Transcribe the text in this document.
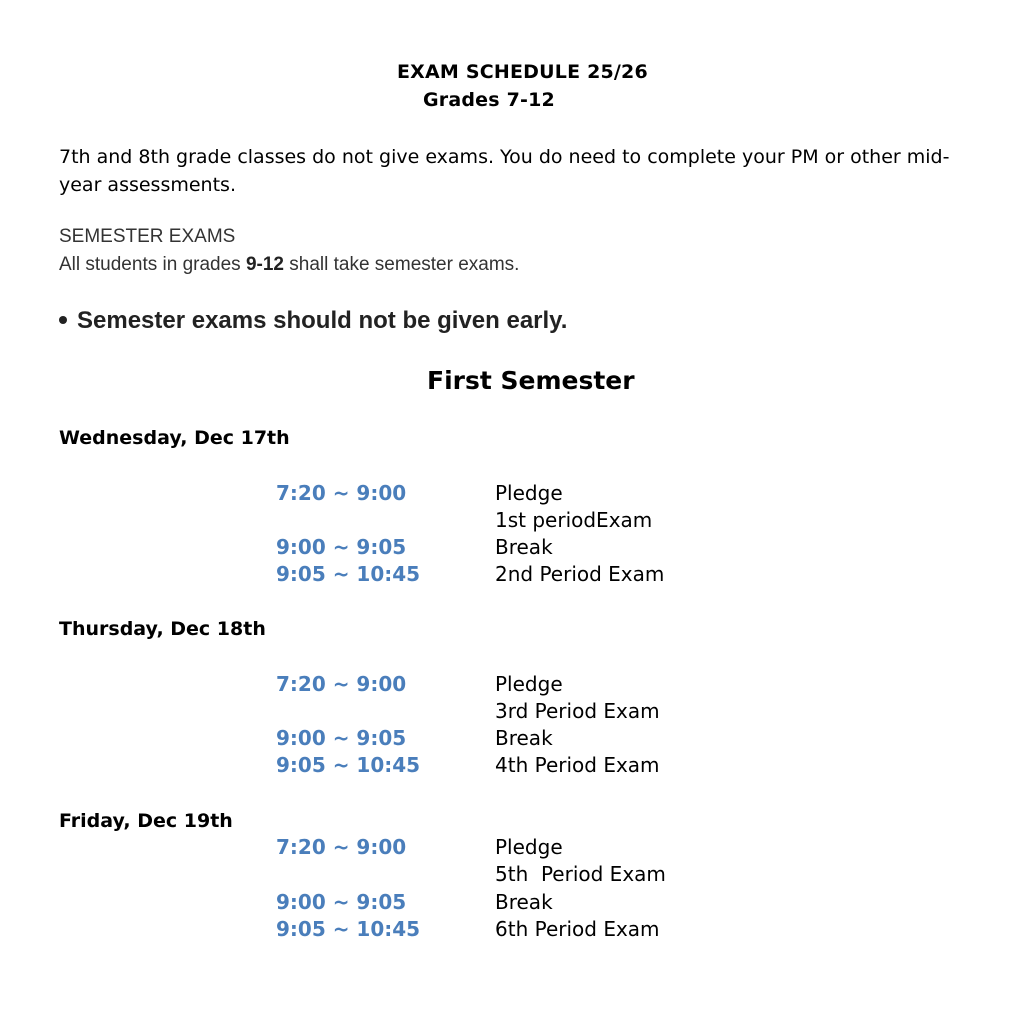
EXAM SCHEDULE 25/26
Grades 7-12
7th and 8th grade classes do not give exams. You do need to complete your PM or other mid-year assessments.
SEMESTER EXAMS
All students in grades 9-12 shall take semester exams.
Semester exams should not be given early.
First Semester
Wednesday, Dec 17th
7:20 ~ 9:00	Pledge
1st periodExam
9:00 ~ 9:05	Break
9:05 ~ 10:45	2nd Period Exam
Thursday, Dec 18th
7:20 ~ 9:00	Pledge
3rd Period Exam
9:00 ~ 9:05	Break
9:05 ~ 10:45	4th Period Exam
Friday, Dec 19th
7:20 ~ 9:00	Pledge
5th  Period Exam
9:00 ~ 9:05	Break
9:05 ~ 10:45	6th Period Exam
